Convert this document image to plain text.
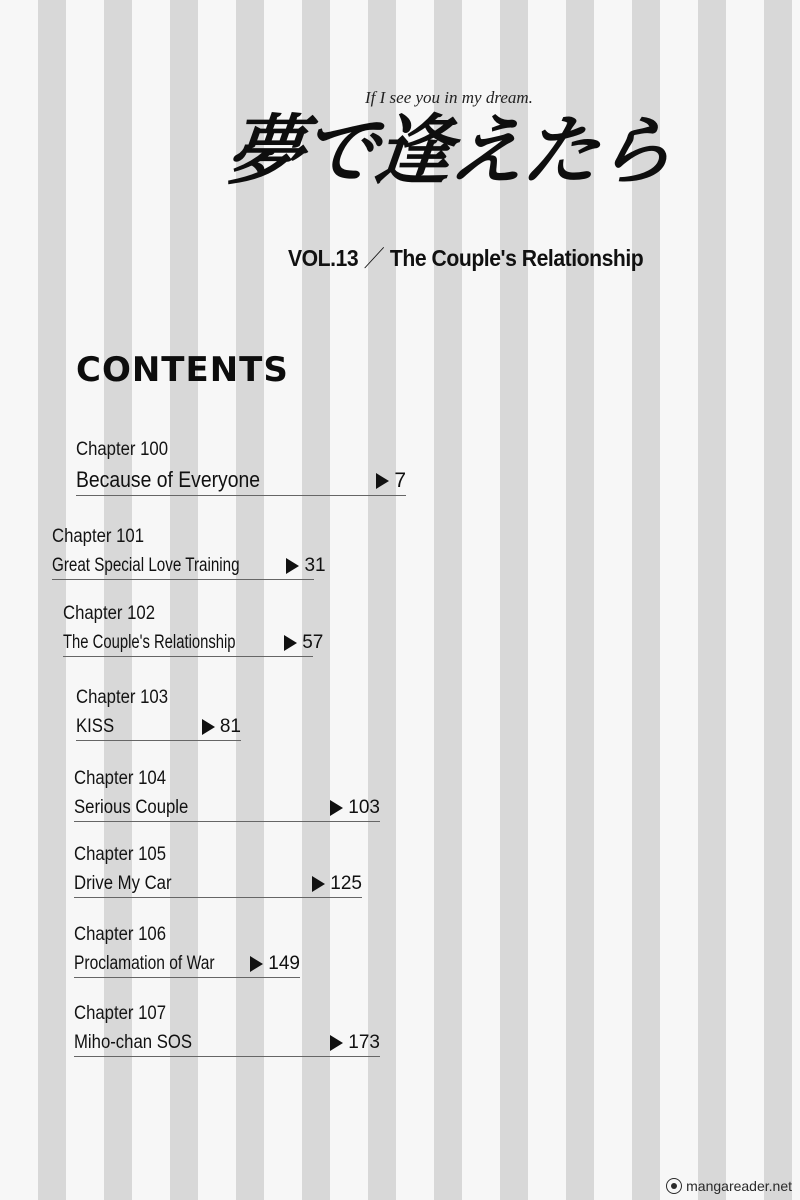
If I see you in my dream.
夢で逢えたら
VOL.13 ／ The Couple's Relationship
CONTENTS
Chapter 100
Because of Everyone	7
Chapter 101
Great Special Love Training	31
Chapter 102
The Couple's Relationship	57
Chapter 103
KISS	81
Chapter 104
Serious Couple	103
Chapter 105
Drive My Car	125
Chapter 106
Proclamation of War	149
Chapter 107
Miho-chan SOS	173
mangareader.net
